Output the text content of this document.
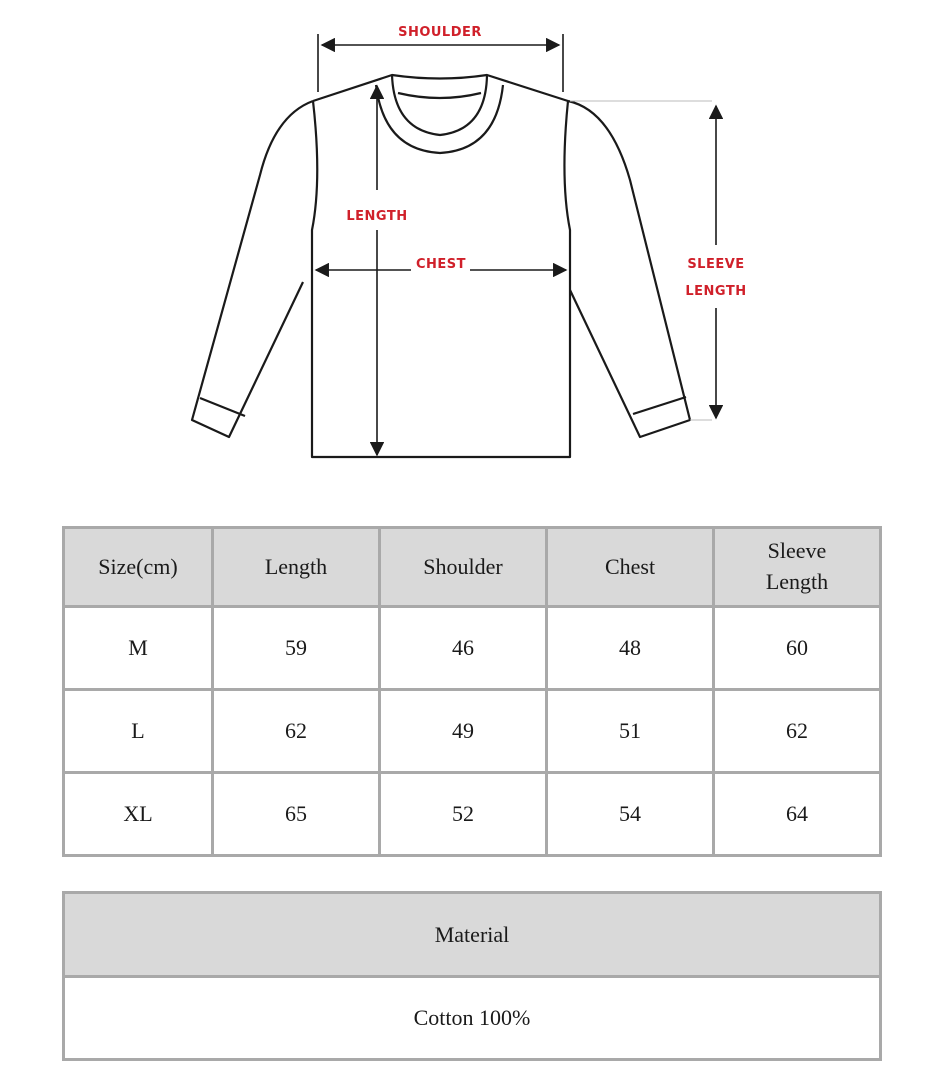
SHOULDER
LENGTH
CHEST	SLEEVE
LENGTH
Size(cm)	Length	Shoulder	Chest	Sleeve
Length

M	59	46	48	60
L	62	49	51	62
XL	65	52	54	64
Material
Cotton 100%
